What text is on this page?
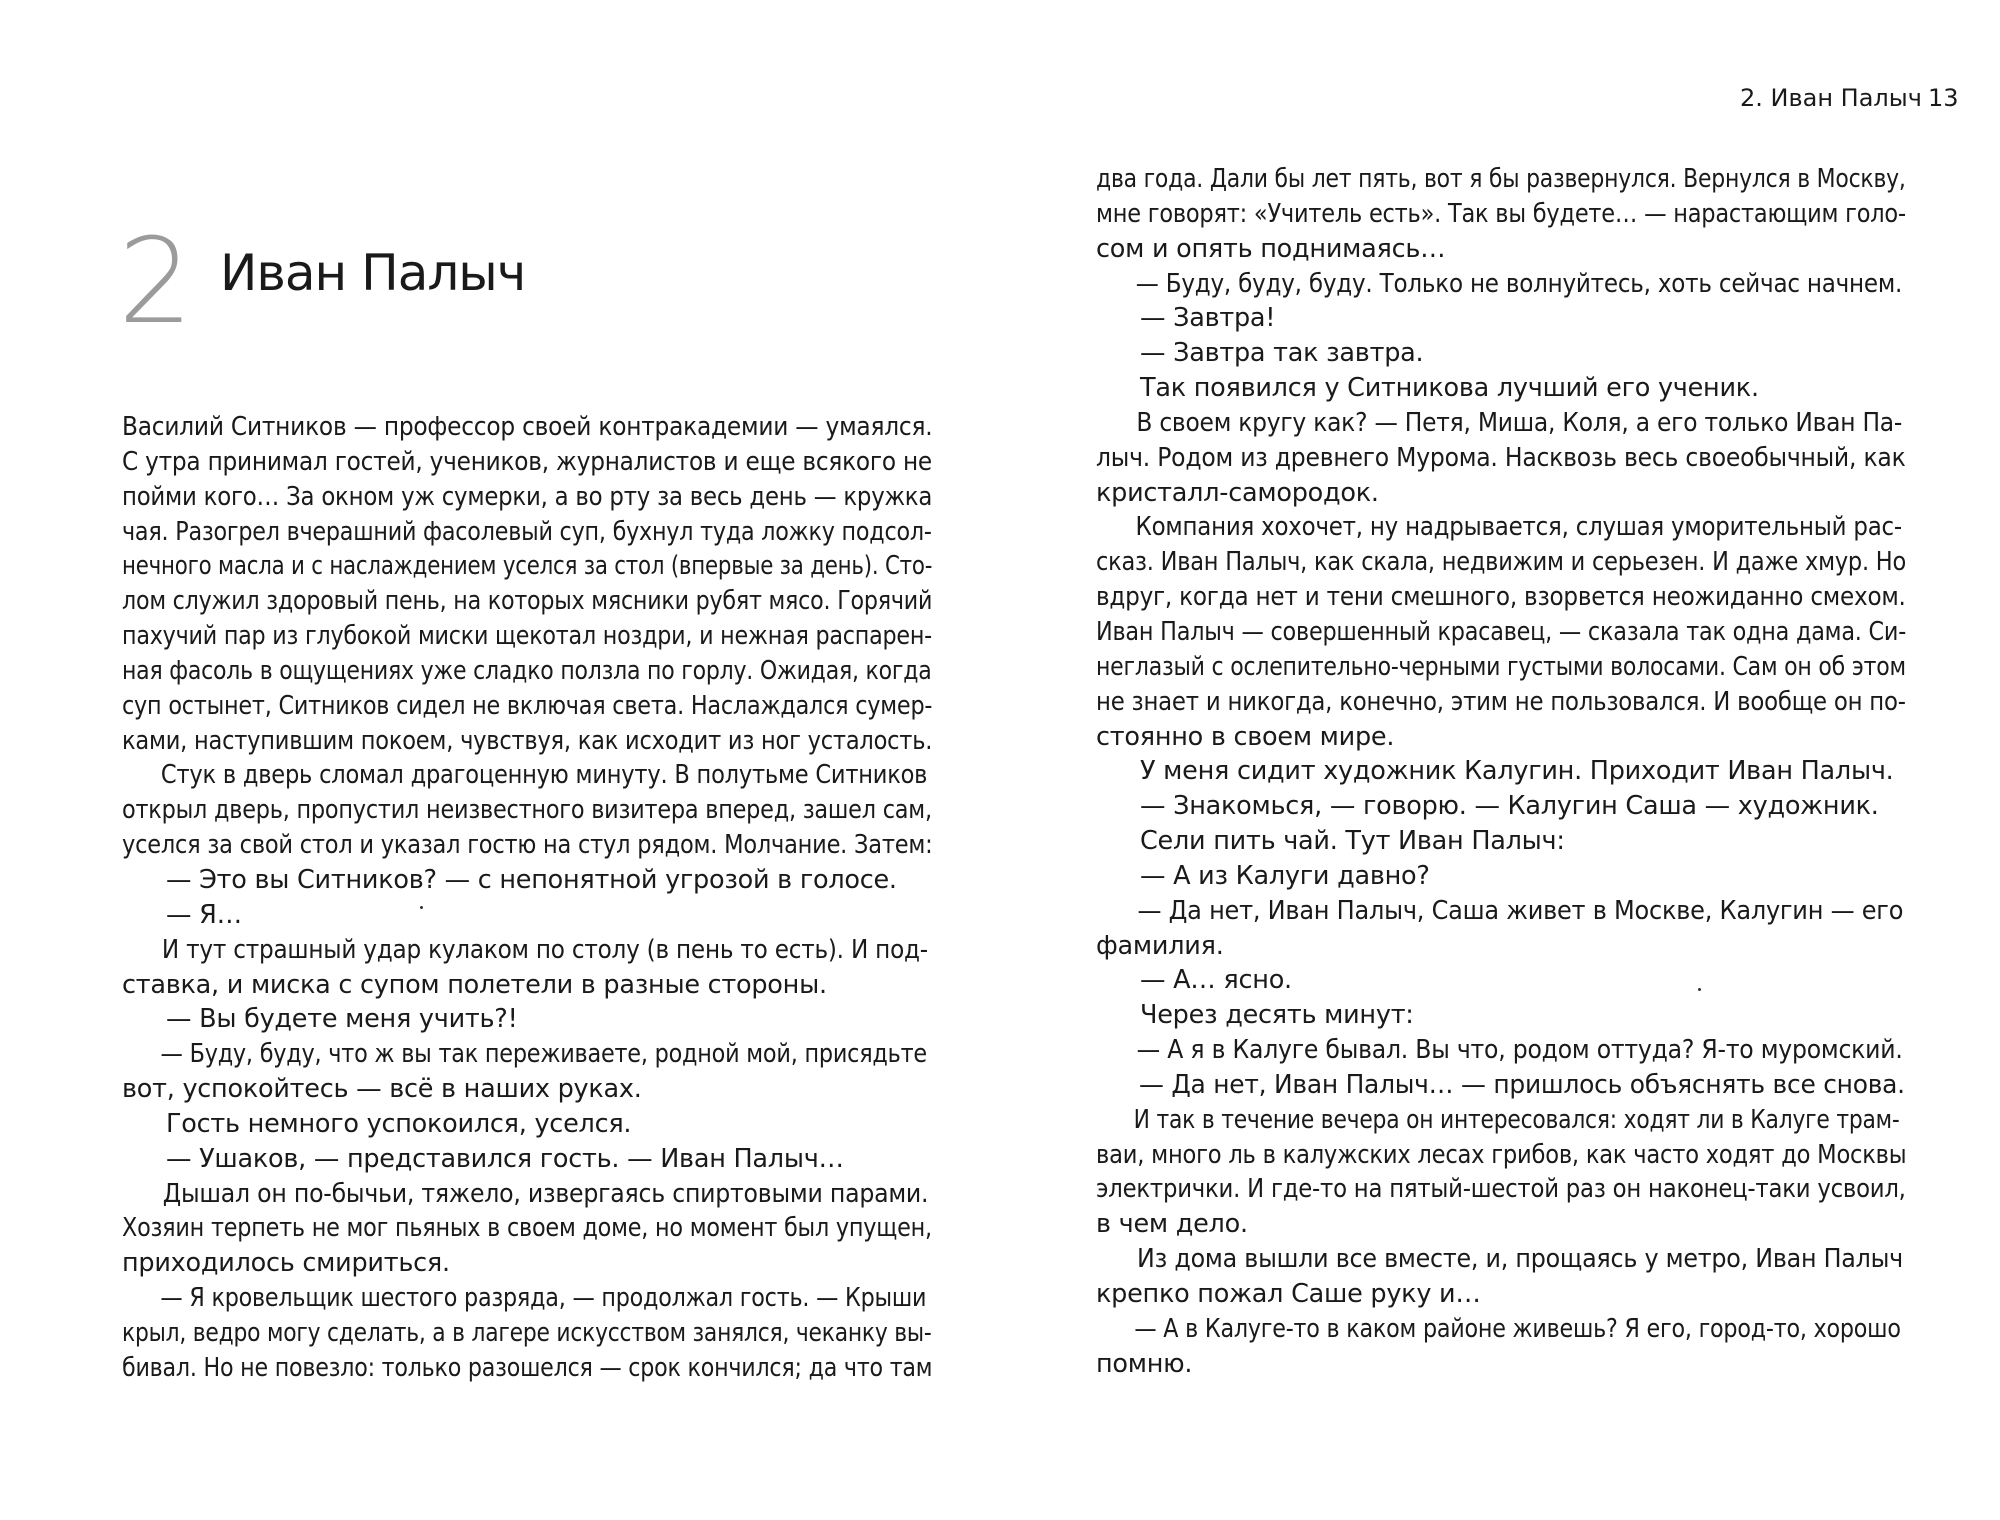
2. Иван Палыч 13
2 Иван Палыч
Василий Ситников — профессор своей контракадемии — умаялся.
С утра принимал гостей, учеников, журналистов и еще всякого не
пойми кого… За окном уж сумерки, а во рту за весь день — кружка
чая. Разогрел вчерашний фасолевый суп, бухнул туда ложку подсол-
нечного масла и с наслаждением уселся за стол (впервые за день). Сто-
лом служил здоровый пень, на которых мясники рубят мясо. Горячий
пахучий пар из глубокой миски щекотал ноздри, и нежная распарен-
ная фасоль в ощущениях уже сладко ползла по горлу. Ожидая, когда
суп остынет, Ситников сидел не включая света. Наслаждался сумер-
ками, наступившим покоем, чувствуя, как исходит из ног усталость.
Стук в дверь сломал драгоценную минуту. В полутьме Ситников
открыл дверь, пропустил неизвестного визитера вперед, зашел сам,
уселся за свой стол и указал гостю на стул рядом. Молчание. Затем:
— Это вы Ситников? — с непонятной угрозой в голосе.
— Я…
И тут страшный удар кулаком по столу (в пень то есть). И под-
ставка, и миска с супом полетели в разные стороны.
— Вы будете меня учить?!
— Буду, буду, что ж вы так переживаете, родной мой, присядьте
вот, успокойтесь — всё в наших руках.
Гость немного успокоился, уселся.
— Ушаков, — представился гость. — Иван Палыч…
Дышал он по-бычьи, тяжело, извергаясь спиртовыми парами.
Хозяин терпеть не мог пьяных в своем доме, но момент был упущен,
приходилось смириться.
— Я кровельщик шестого разряда, — продолжал гость. — Крыши
крыл, ведро могу сделать, а в лагере искусством занялся, чеканку вы-
бивал. Но не повезло: только разошелся — срок кончился; да что там
два года. Дали бы лет пять, вот я бы развернулся. Вернулся в Москву,
мне говорят: «Учитель есть». Так вы будете… — нарастающим голо-
сом и опять поднимаясь…
— Буду, буду, буду. Только не волнуйтесь, хоть сейчас начнем.
— Завтра!
— Завтра так завтра.
Так появился у Ситникова лучший его ученик.
В своем кругу как? — Петя, Миша, Коля, а его только Иван Па-
лыч. Родом из древнего Мурома. Насквозь весь своеобычный, как
кристалл-самородок.
Компания хохочет, ну надрывается, слушая уморительный рас-
сказ. Иван Палыч, как скала, недвижим и серьезен. И даже хмур. Но
вдруг, когда нет и тени смешного, взорвется неожиданно смехом.
Иван Палыч — совершенный красавец, — сказала так одна дама. Си-
неглазый с ослепительно-черными густыми волосами. Сам он об этом
не знает и никогда, конечно, этим не пользовался. И вообще он по-
стоянно в своем мире.
У меня сидит художник Калугин. Приходит Иван Палыч.
— Знакомься, — говорю. — Калугин Саша — художник.
Сели пить чай. Тут Иван Палыч:
— А из Калуги давно?
— Да нет, Иван Палыч, Саша живет в Москве, Калугин — его
фамилия.
— А… ясно.
Через десять минут:
— А я в Калуге бывал. Вы что, родом оттуда? Я-то муромский.
— Да нет, Иван Палыч… — пришлось объяснять все снова.
И так в течение вечера он интересовался: ходят ли в Калуге трам-
ваи, много ль в калужских лесах грибов, как часто ходят до Москвы
электрички. И где-то на пятый-шестой раз он наконец-таки усвоил,
в чем дело.
Из дома вышли все вместе, и, прощаясь у метро, Иван Палыч
крепко пожал Саше руку и…
— А в Калуге-то в каком районе живешь? Я его, город-то, хорошо
помню.
